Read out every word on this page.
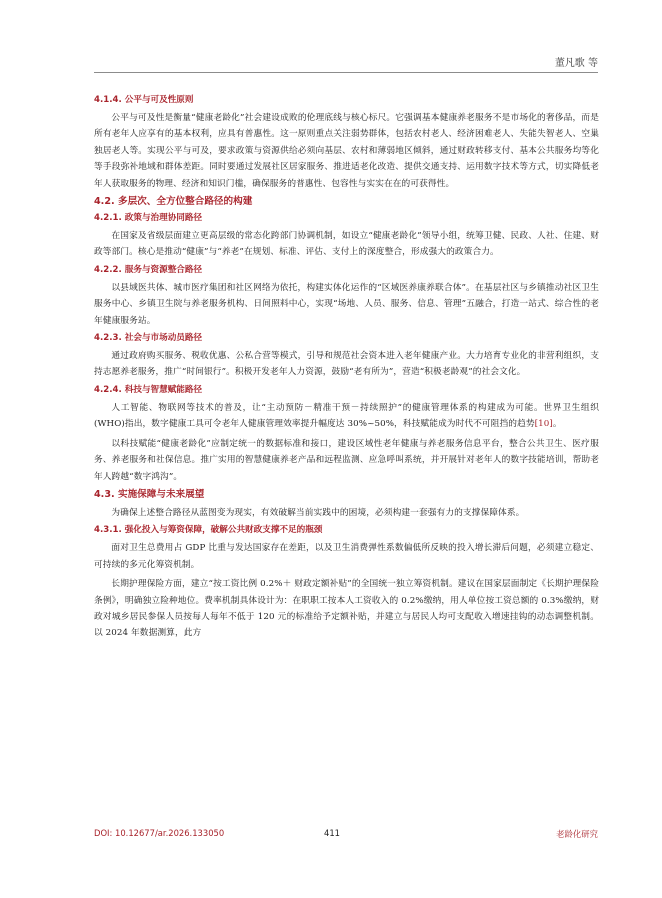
董凡歌 等
4.1.4. 公平与可及性原则
公平与可及性是衡量“健康老龄化”社会建设成败的伦理底线与核心标尺。它强调基本健康养老服务不是市场化的奢侈品，而是所有老年人应享有的基本权利，应具有普惠性。这一原则重点关注弱势群体，包括农村老人、经济困难老人、失能失智老人、空巢独居老人等。实现公平与可及，要求政策与资源供给必须向基层、农村和薄弱地区倾斜，通过财政转移支付、基本公共服务均等化等手段弥补地域和群体差距。同时要通过发展社区居家服务、推进适老化改造、提供交通支持、运用数字技术等方式，切实降低老年人获取服务的物理、经济和知识门槛，确保服务的普惠性、包容性与实实在在的可获得性。
4.2. 多层次、全方位整合路径的构建
4.2.1. 政策与治理协同路径
在国家及省级层面建立更高层级的常态化跨部门协调机制，如设立“健康老龄化”领导小组，统筹卫健、民政、人社、住建、财政等部门。核心是推动“健康”与“养老”在规划、标准、评估、支付上的深度整合，形成强大的政策合力。
4.2.2. 服务与资源整合路径
以县域医共体、城市医疗集团和社区网络为依托，构建实体化运作的“区域医养康养联合体”。在基层社区与乡镇推动社区卫生服务中心、乡镇卫生院与养老服务机构、日间照料中心，实现“场地、人员、服务、信息、管理”五融合，打造一站式、综合性的老年健康服务站。
4.2.3. 社会与市场动员路径
通过政府购买服务、税收优惠、公私合营等模式，引导和规范社会资本进入老年健康产业。大力培育专业化的非营利组织，支持志愿养老服务，推广“时间银行”。积极开发老年人力资源，鼓励“老有所为”，营造“积极老龄观”的社会文化。
4.2.4. 科技与智慧赋能路径
人工智能、物联网等技术的普及，让“主动预防－精准干预－持续照护”的健康管理体系的构建成为可能。世界卫生组织(WHO)指出，数字健康工具可令老年人健康管理效率提升幅度达 30%~50%，科技赋能成为时代不可阻挡的趋势[10]。
以科技赋能“健康老龄化”应制定统一的数据标准和接口，建设区域性老年健康与养老服务信息平台，整合公共卫生、医疗服务、养老服务和社保信息。推广实用的智慧健康养老产品和远程监测、应急呼叫系统，并开展针对老年人的数字技能培训，帮助老年人跨越“数字鸿沟”。
4.3. 实施保障与未来展望
为确保上述整合路径从蓝图变为现实，有效破解当前实践中的困境，必须构建一套强有力的支撑保障体系。
4.3.1. 强化投入与筹资保障，破解公共财政支撑不足的瓶颈
面对卫生总费用占 GDP 比重与发达国家存在差距，以及卫生消费弹性系数偏低所反映的投入增长滞后问题，必须建立稳定、可持续的多元化筹资机制。
长期护理保险方面，建立“按工资比例 0.2%＋ 财政定额补贴”的全国统一独立筹资机制。建议在国家层面制定《长期护理保险条例》，明确独立险种地位。费率机制具体设计为：在职职工按本人工资收入的 0.2%缴纳，用人单位按工资总额的 0.3%缴纳，财政对城乡居民参保人员按每人每年不低于 120 元的标准给予定额补贴，并建立与居民人均可支配收入增速挂钩的动态调整机制。以 2024 年数据测算，此方
DOI: 10.12677/ar.2026.133050	411	老龄化研究
